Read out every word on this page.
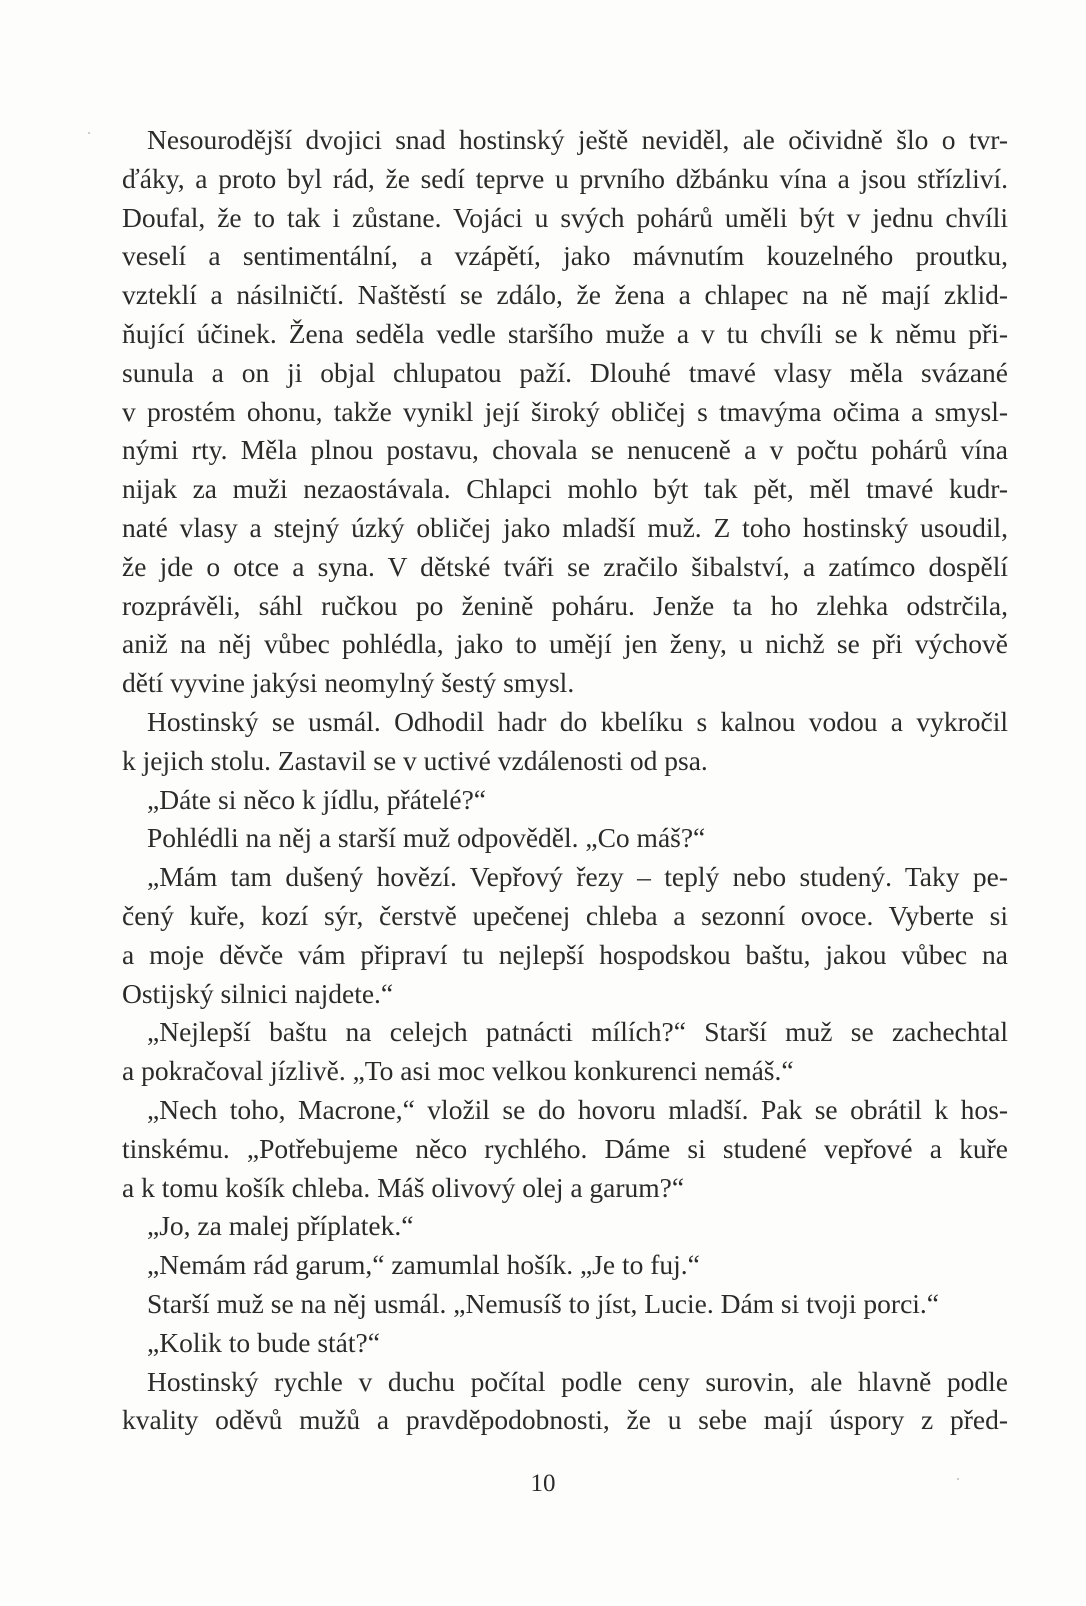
Nesourodější dvojici snad hostinský ještě neviděl, ale očividně šlo o tvr-
ďáky, a proto byl rád, že sedí teprve u prvního džbánku vína a jsou střízliví.
Doufal, že to tak i zůstane. Vojáci u svých pohárů uměli být v jednu chvíli
veselí a sentimentální, a vzápětí, jako mávnutím kouzelného proutku,
vzteklí a násilničtí. Naštěstí se zdálo, že žena a chlapec na ně mají zklid-
ňující účinek. Žena seděla vedle staršího muže a v tu chvíli se k němu při-
sunula a on ji objal chlupatou paží. Dlouhé tmavé vlasy měla svázané
v prostém ohonu, takže vynikl její široký obličej s tmavýma očima a smysl-
nými rty. Měla plnou postavu, chovala se nenuceně a v počtu pohárů vína
nijak za muži nezaostávala. Chlapci mohlo být tak pět, měl tmavé kudr-
naté vlasy a stejný úzký obličej jako mladší muž. Z toho hostinský usoudil,
že jde o otce a syna. V dětské tváři se zračilo šibalství, a zatímco dospělí
rozprávěli, sáhl ručkou po ženině poháru. Jenže ta ho zlehka odstrčila,
aniž na něj vůbec pohlédla, jako to umějí jen ženy, u nichž se při výchově
dětí vyvine jakýsi neomylný šestý smysl.
Hostinský se usmál. Odhodil hadr do kbelíku s kalnou vodou a vykročil
k jejich stolu. Zastavil se v uctivé vzdálenosti od psa.
„Dáte si něco k jídlu, přátelé?“
Pohlédli na něj a starší muž odpověděl. „Co máš?“
„Mám tam dušený hovězí. Vepřový řezy – teplý nebo studený. Taky pe-
čený kuře, kozí sýr, čerstvě upečenej chleba a sezonní ovoce. Vyberte si
a moje děvče vám připraví tu nejlepší hospodskou baštu, jakou vůbec na
Ostijský silnici najdete.“
„Nejlepší baštu na celejch patnácti mílích?“ Starší muž se zachechtal
a pokračoval jízlivě. „To asi moc velkou konkurenci nemáš.“
„Nech toho, Macrone,“ vložil se do hovoru mladší. Pak se obrátil k hos-
tinskému. „Potřebujeme něco rychlého. Dáme si studené vepřové a kuře
a k tomu košík chleba. Máš olivový olej a garum?“
„Jo, za malej příplatek.“
„Nemám rád garum,“ zamumlal hošík. „Je to fuj.“
Starší muž se na něj usmál. „Nemusíš to jíst, Lucie. Dám si tvoji porci.“
„Kolik to bude stát?“
Hostinský rychle v duchu počítal podle ceny surovin, ale hlavně podle
kvality oděvů mužů a pravděpodobnosti, že u sebe mají úspory z před-
10
